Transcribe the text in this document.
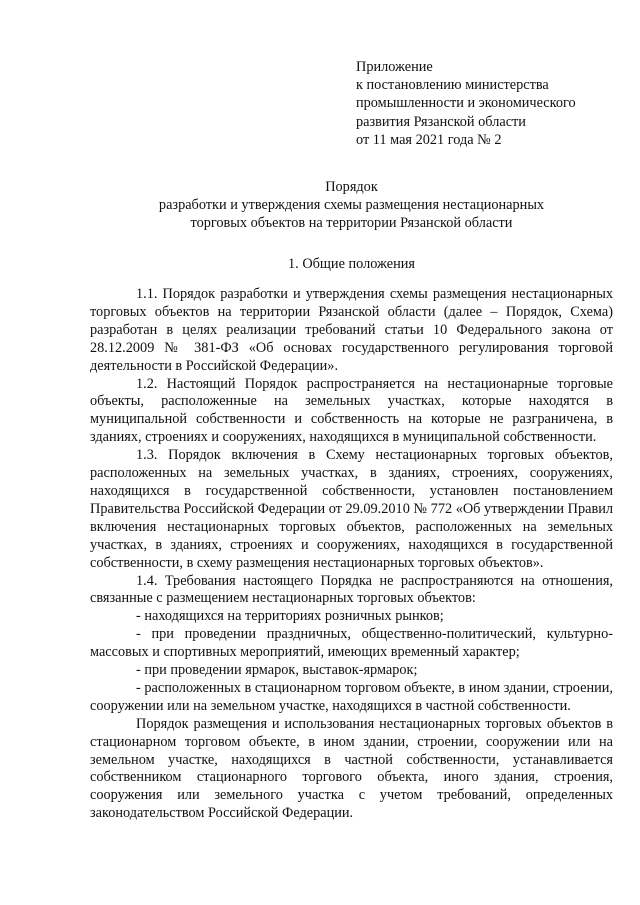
Приложение
к постановлению министерства
промышленности и экономического
развития Рязанской области
от 11 мая 2021 года № 2
Порядок
разработки и утверждения схемы размещения нестационарных
торговых объектов на территории Рязанской области
1. Общие положения

1.1. Порядок разработки и утверждения схемы размещения нестационарных торговых объектов на территории Рязанской области (далее – Порядок, Схема) разработан в целях реализации требований статьи 10 Федерального закона от 28.12.2009 № 381-ФЗ «Об основах государственного регулирования торговой деятельности в Российской Федерации».

1.2. Настоящий Порядок распространяется на нестационарные торговые объекты, расположенные на земельных участках, которые находятся в муниципальной собственности и собственность на которые не разграничена, в зданиях, строениях и сооружениях, находящихся в муниципальной собственности.

1.3. Порядок включения в Схему нестационарных торговых объектов, расположенных на земельных участках, в зданиях, строениях, сооружениях, находящихся в государственной собственности, установлен постановлением Правительства Российской Федерации от 29.09.2010 № 772 «Об утверждении Правил включения нестационарных торговых объектов, расположенных на земельных участках, в зданиях, строениях и сооружениях, находящихся в государственной собственности, в схему размещения нестационарных торговых объектов».

1.4. Требования настоящего Порядка не распространяются на отношения, связанные с размещением нестационарных торговых объектов:

- находящихся на территориях розничных рынков;

- при проведении праздничных, общественно-политический, культурно-массовых и спортивных мероприятий, имеющих временный характер;

- при проведении ярмарок, выставок-ярмарок;

- расположенных в стационарном торговом объекте, в ином здании, строении, сооружении или на земельном участке, находящихся в частной собственности.

Порядок размещения и использования нестационарных торговых объектов в стационарном торговом объекте, в ином здании, строении, сооружении или на земельном участке, находящихся в частной собственности, устанавливается собственником стационарного торгового объекта, иного здания, строения, сооружения или земельного участка с учетом требований, определенных законодательством Российской Федерации.
